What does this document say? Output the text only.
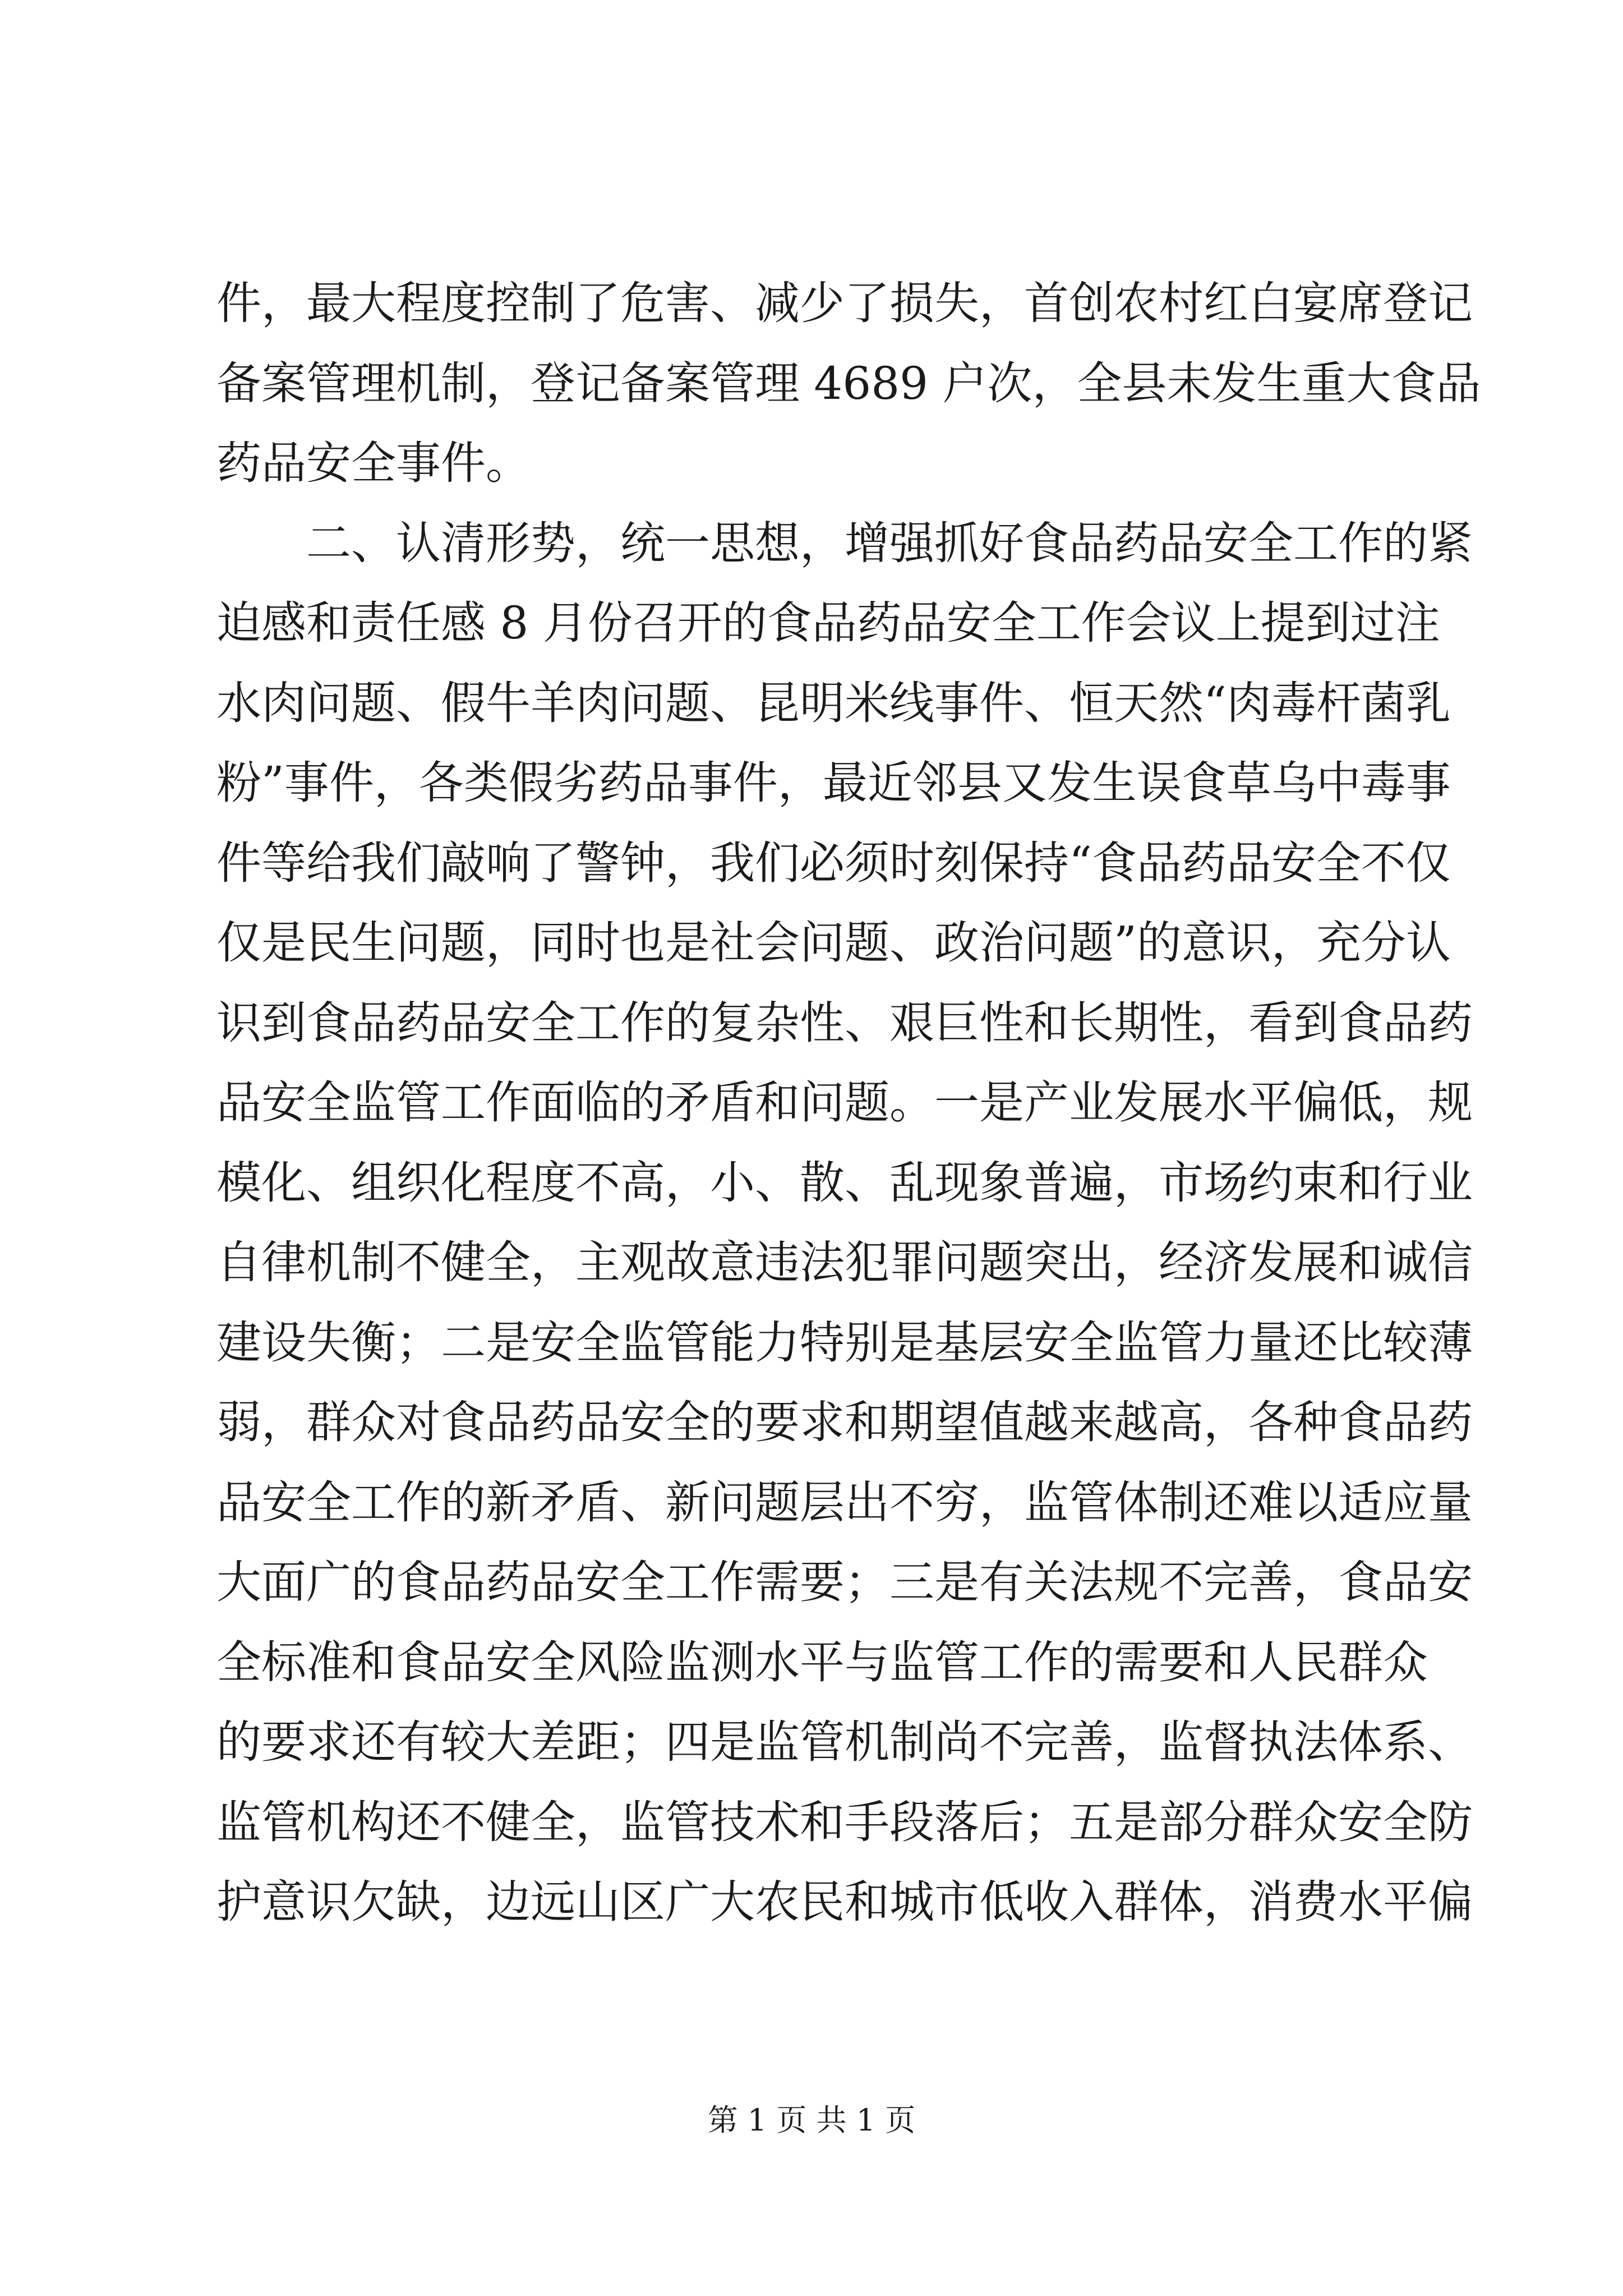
件，最大程度控制了危害、减少了损失，首创农村红白宴席登记
备案管理机制，登记备案管理 4689 户次，全县未发生重大食品
药品安全事件。
二、认清形势，统一思想，增强抓好食品药品安全工作的紧
迫感和责任感 8 月份召开的食品药品安全工作会议上提到过注
水肉问题、假牛羊肉问题、昆明米线事件、恒天然“肉毒杆菌乳
粉”事件，各类假劣药品事件，最近邻县又发生误食草乌中毒事
件等给我们敲响了警钟，我们必须时刻保持“食品药品安全不仅
仅是民生问题，同时也是社会问题、政治问题”的意识，充分认
识到食品药品安全工作的复杂性、艰巨性和长期性，看到食品药
品安全监管工作面临的矛盾和问题。一是产业发展水平偏低，规
模化、组织化程度不高，小、散、乱现象普遍，市场约束和行业
自律机制不健全，主观故意违法犯罪问题突出，经济发展和诚信
建设失衡；二是安全监管能力特别是基层安全监管力量还比较薄
弱，群众对食品药品安全的要求和期望值越来越高，各种食品药
品安全工作的新矛盾、新问题层出不穷，监管体制还难以适应量
大面广的食品药品安全工作需要；三是有关法规不完善，食品安
全标准和食品安全风险监测水平与监管工作的需要和人民群众
的要求还有较大差距；四是监管机制尚不完善，监督执法体系、
监管机构还不健全，监管技术和手段落后；五是部分群众安全防
护意识欠缺，边远山区广大农民和城市低收入群体，消费水平偏
第 1 页 共 1 页
